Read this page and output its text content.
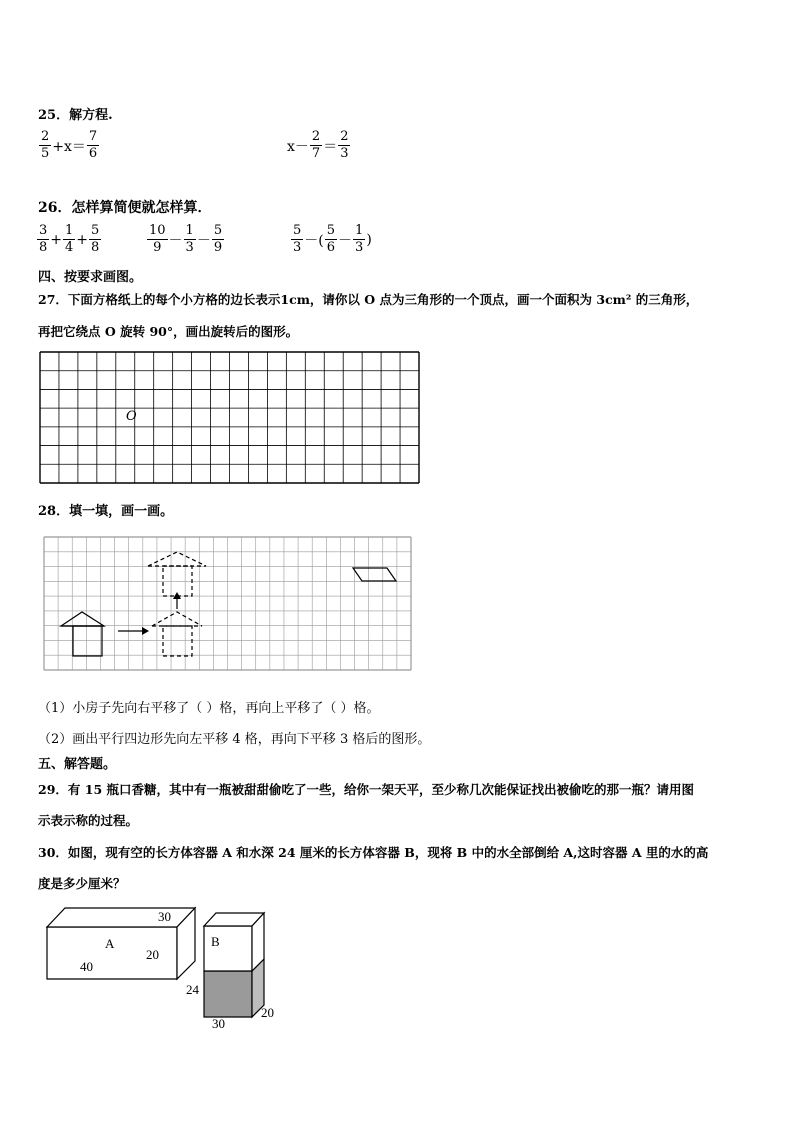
25．解方程.
$\frac{2}{5} +x= \frac{7}{6}$	$x- \frac{2}{7} = \frac{2}{3}$
26．怎样算简便就怎样算．
$\frac{3}{8} + \frac{1}{4} + \frac{5}{8}$	$\frac{10}{9} - \frac{1}{3} - \frac{5}{9}$	$\frac{5}{3}$ －( $\frac{5}{6} - \frac{1}{3}$ )
四、按要求画图。
27．下面方格纸上的每个小方格的边长表示1cm，请你以 O 点为三角形的一个顶点，画一个面积为 3cm² 的三角形，
再把它绕点 O 旋转 90°，画出旋转后的图形。
O
28．填一填，画一画。
（1）小房子先向右平移了（ ）格，再向上平移了（ ）格。
（2）画出平行四边形先向左平移 4 格，再向下平移 3 格后的图形。
五、解答题。
29．有 15 瓶口香糖，其中有一瓶被甜甜偷吃了一些，给你一架天平，至少称几次能保证找出被偷吃的那一瓶？请用图
示表示称的过程。
30．如图，现有空的长方体容器 A 和水深 24 厘米的长方体容器 B，现将 B 中的水全部倒给 A,这时容器 A 里的水的高
度是多少厘米？
A
40
20
30
B
24
30
20
